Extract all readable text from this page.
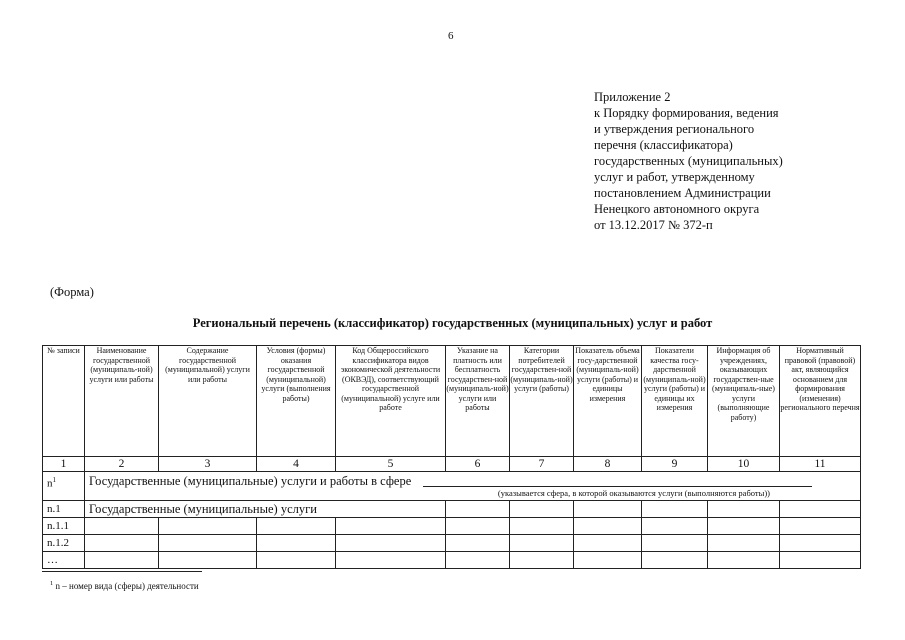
6
Приложение 2
к Порядку формирования, ведения
и утверждения регионального
перечня (классификатора)
государственных (муниципальных)
услуг и работ, утвержденному
постановлением Администрации
Ненецкого автономного округа
от 13.12.2017 № 372-п
(Форма)
Региональный перечень (классификатор) государственных (муниципальных) услуг и работ
№ записи	Наименование государственной (муниципаль-ной) услуги или работы	Содержание государственной (муниципальной) услуги или работы	Условия (формы) оказания государственной (муниципальной) услуги (выполнения работы)	Код Общероссийского классификатора видов экономической деятельности (ОКВЭД), соответствующий государственной (муниципальной) услуге или работе	Указание на платность или бесплатность государствен-ной (муниципаль-ной) услуги или работы	Категории потребителей государствен-ной (муниципаль-ной) услуги (работы)	Показатель объема госу-дарственной (муниципаль-ной) услуги (работы) и единицы измерения	Показатели качества госу-дарственной (муниципаль-ной) услуги (работы) и единицы их измерения	Информация об учреждениях, оказывающих государствен-ные (муниципаль-ные) услуги (выполняющие работу)	Нормативный правовой (правовой) акт, являющийся основанием для формирования (изменения) регионального перечня
1	2	3	4	5	6	7	8	9	10	11
$n^1$	Государственные (муниципальные) услуги и работы в сфере
(указывается сфера, в которой оказываются услуги (выполняются работы))									

n.1	Государственные (муниципальные) услуги									
n.1.1										
n.1.2										
…										
$^1$ n – номер вида (сферы) деятельности
